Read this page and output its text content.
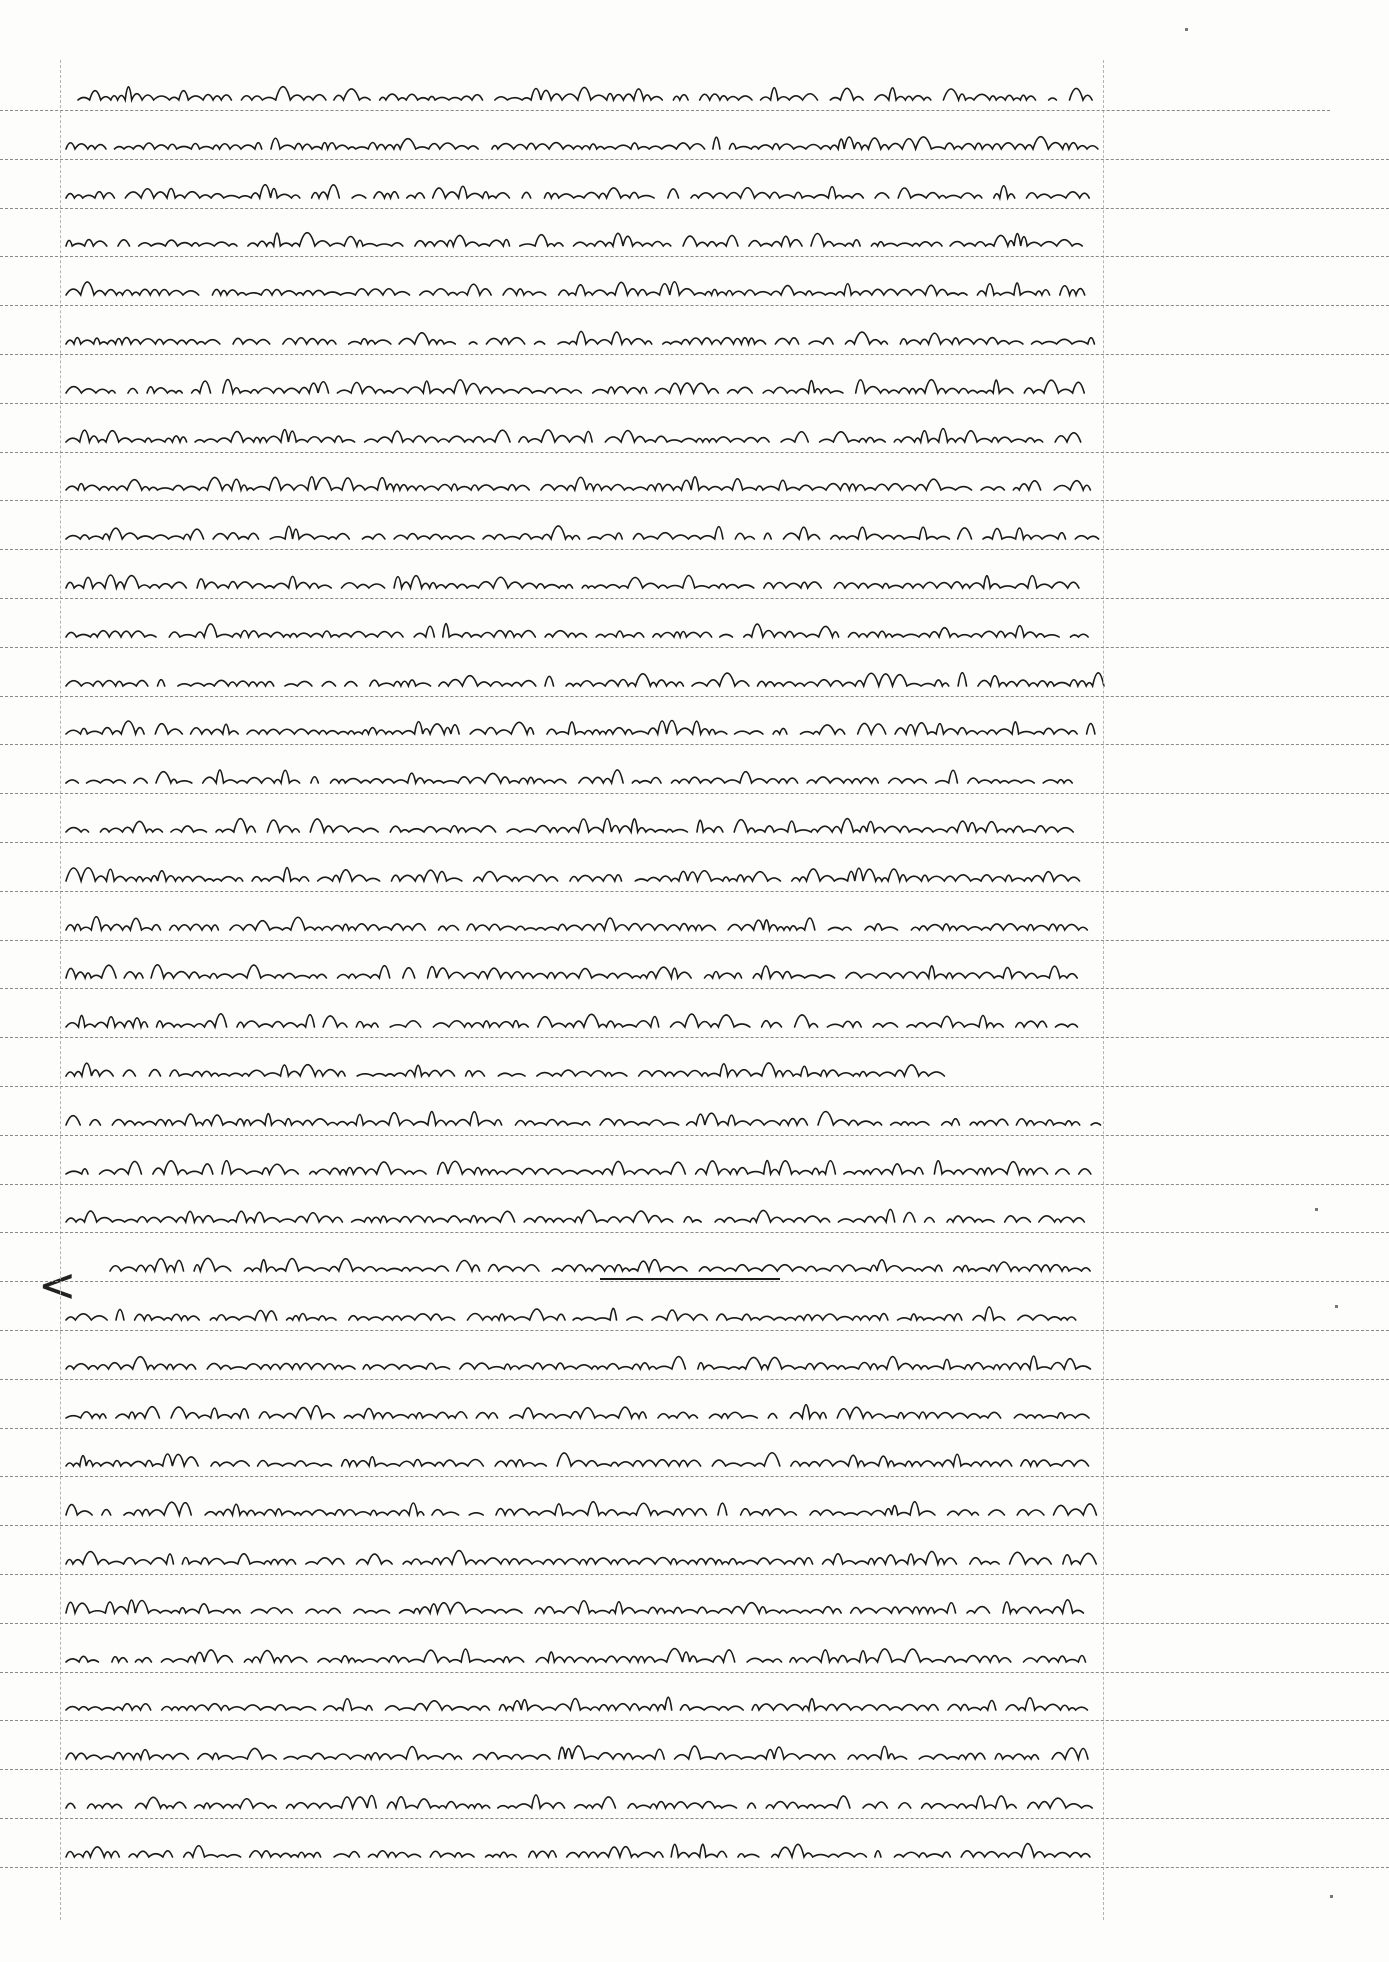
<
